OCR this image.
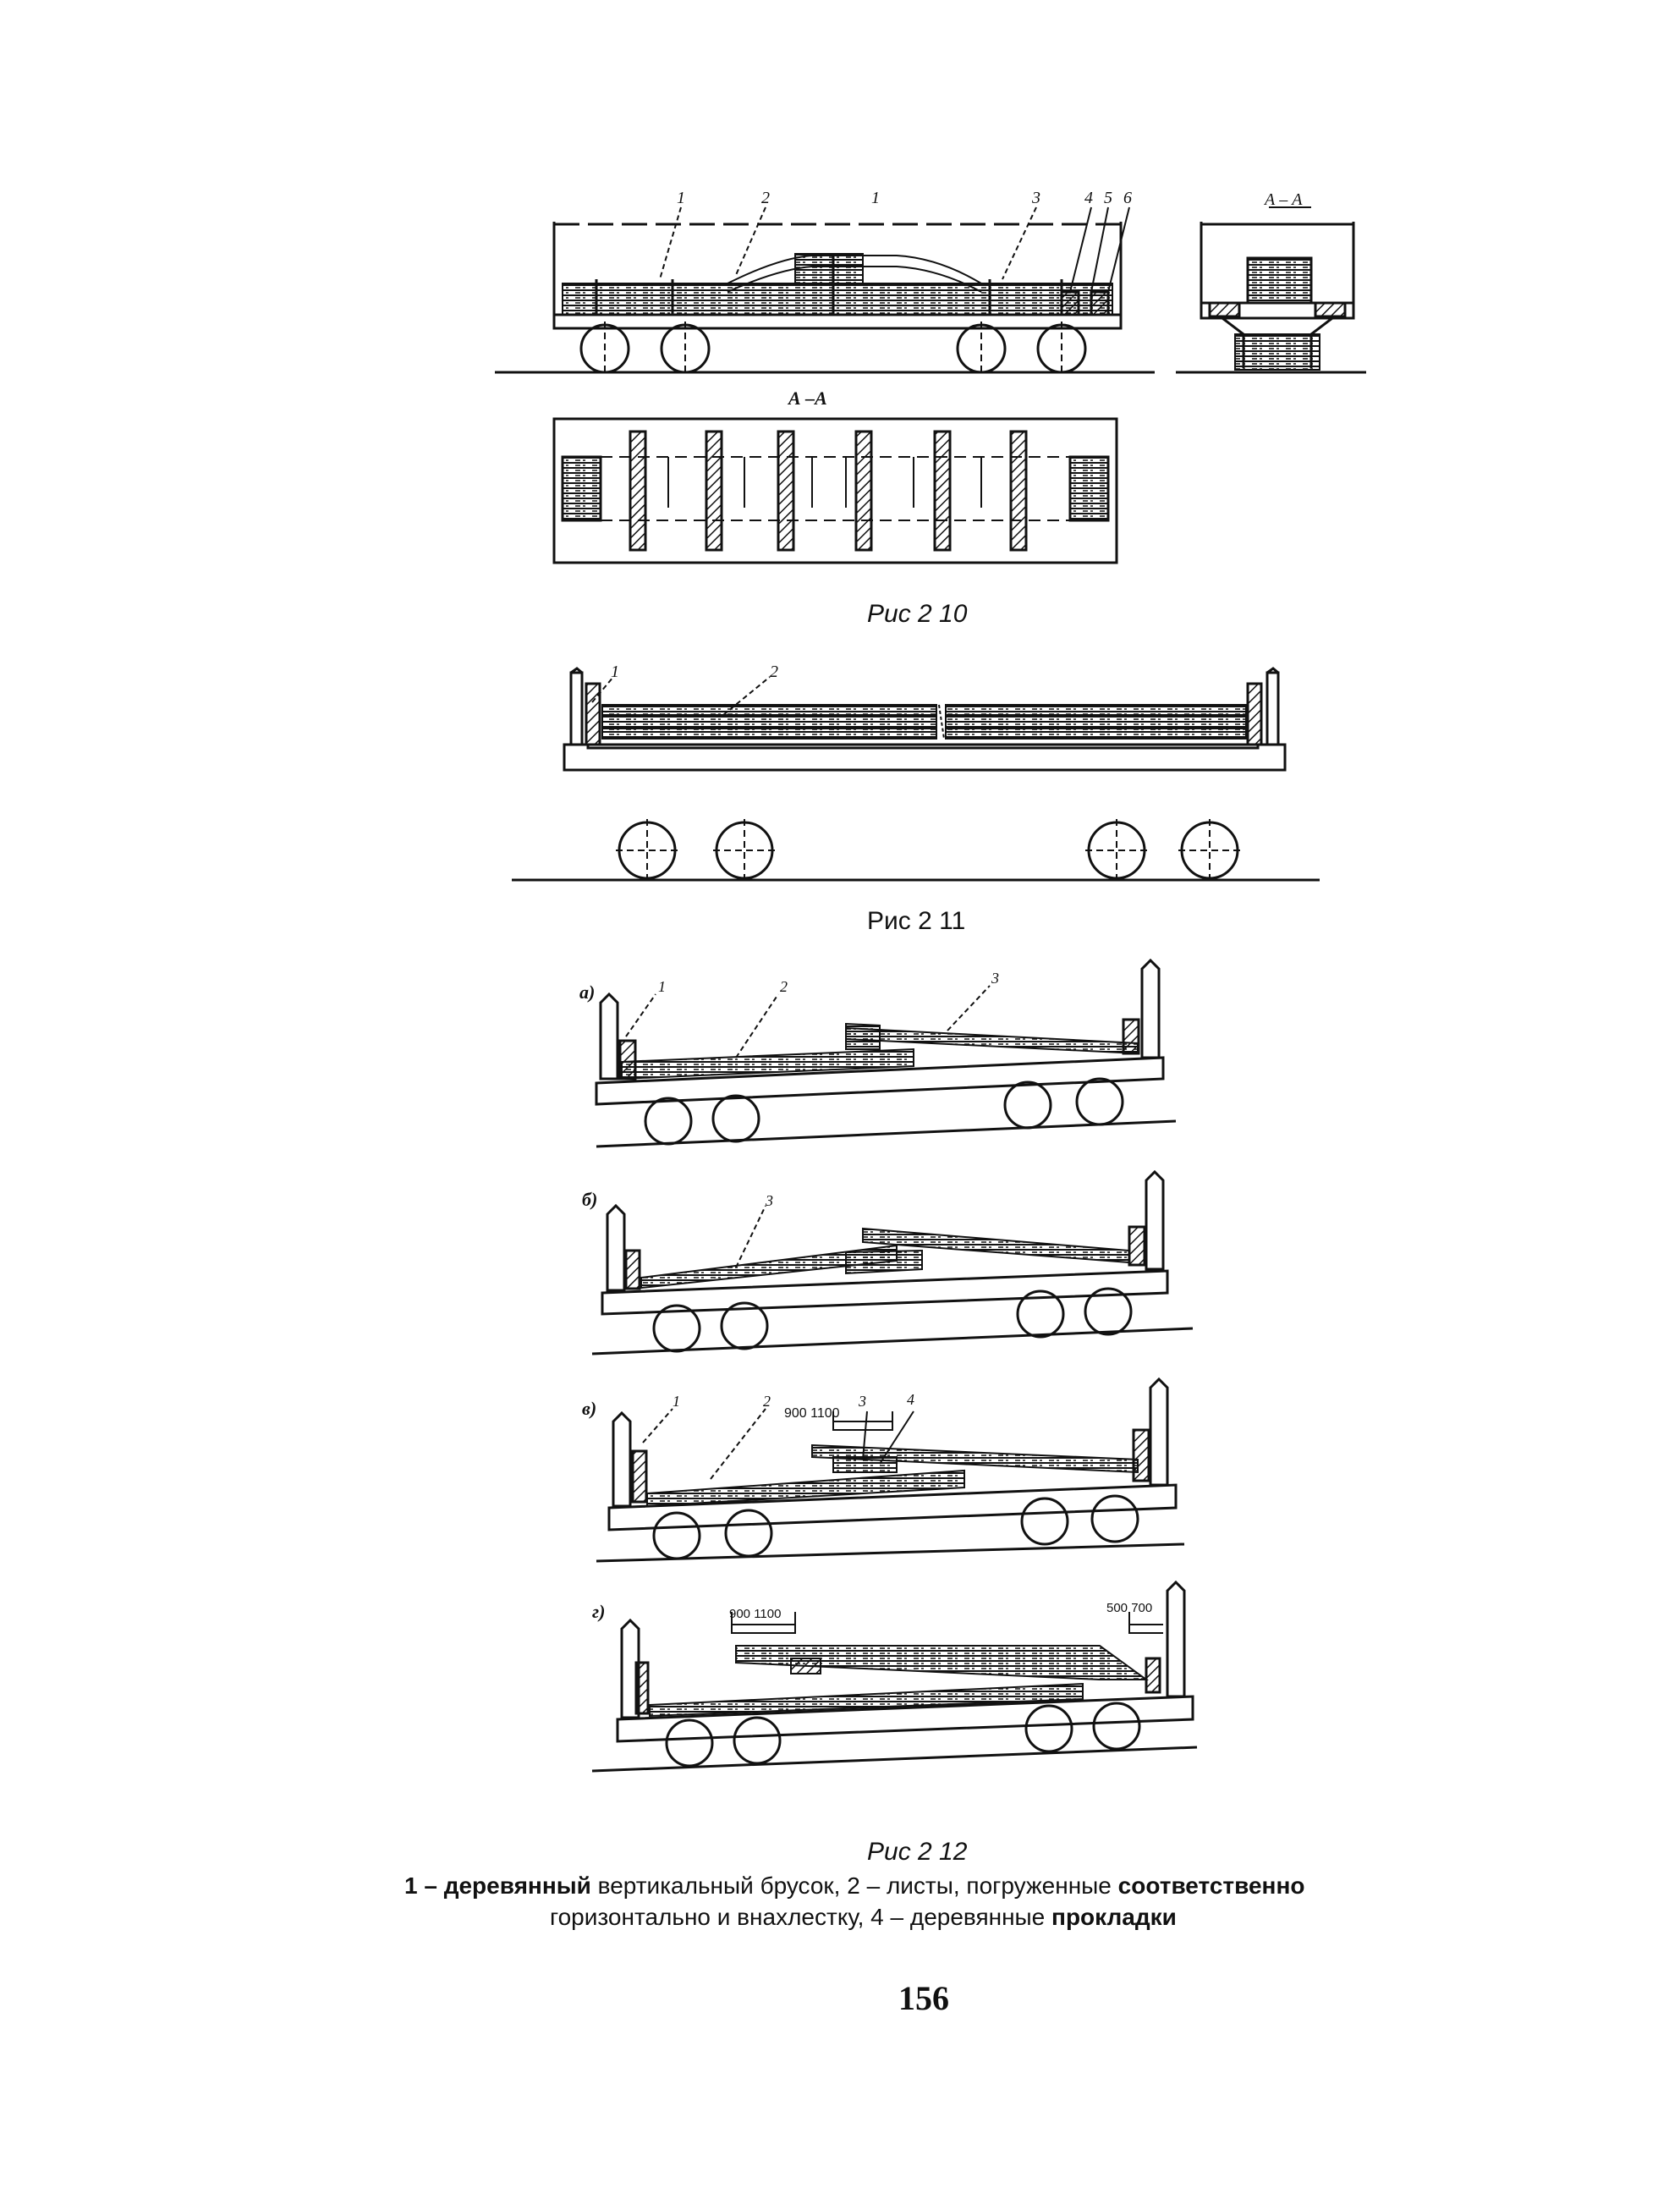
1	2	1	3	4 5 6	А – А
А –А
Рис 2 10
1	2
Рис 2 11
а)	1	2	3
б)	3
в)	1	2	3	4
900 1100
г)	900 1100	500 700
Рис 2 12
1 – деревянный вертикальный брусок, 2 – листы, погруженные соответственно
горизонтально и внахлестку, 4 – деревянные прокладки
156
